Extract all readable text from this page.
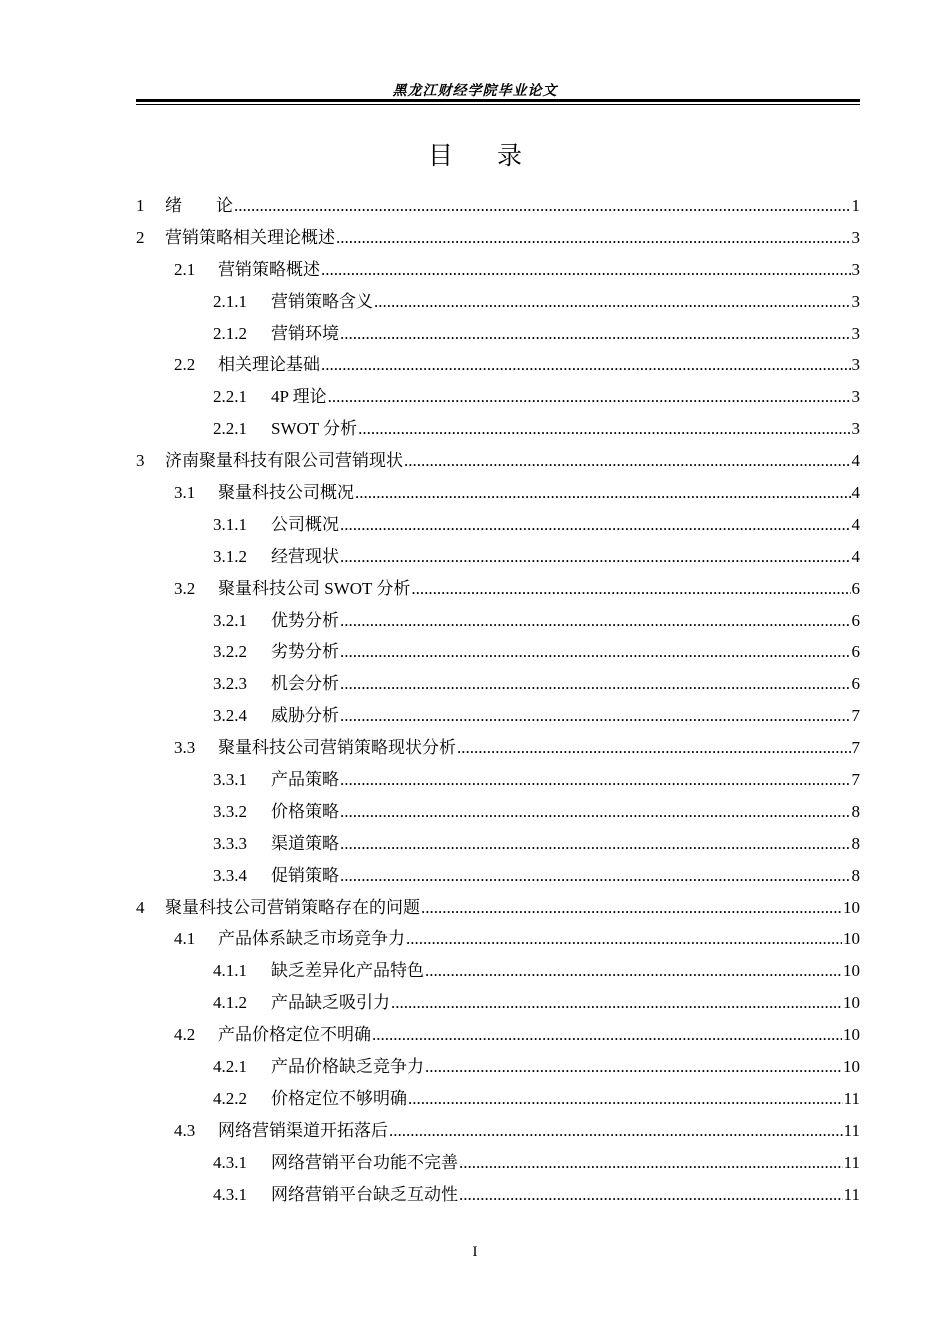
黑龙江财经学院毕业论文
目录
1	绪　　论 .....	1
2	营销策略相关理论概述 .....	3
2.1	营销策略概述 .....	3
2.1.1	营销策略含义 .....	3
2.1.2	营销环境 .....	3
2.2	相关理论基础 .....	3
2.2.1	4P 理论 .....	3
2.2.1	SWOT 分析 .....	3
3	济南聚量科技有限公司营销现状 .....	4
3.1	聚量科技公司概况 .....	4
3.1.1	公司概况 .....	4
3.1.2	经营现状 .....	4
3.2	聚量科技公司 SWOT 分析 .....	6
3.2.1	优势分析 .....	6
3.2.2	劣势分析 .....	6
3.2.3	机会分析 .....	6
3.2.4	威胁分析 .....	7
3.3	聚量科技公司营销策略现状分析 .....	7
3.3.1	产品策略 .....	7
3.3.2	价格策略 .....	8
3.3.3	渠道策略 .....	8
3.3.4	促销策略 .....	8
4	聚量科技公司营销策略存在的问题 .....	10
4.1	产品体系缺乏市场竞争力 .....	10
4.1.1	缺乏差异化产品特色 .....	10
4.1.2	产品缺乏吸引力 .....	10
4.2	产品价格定位不明确 .....	10
4.2.1	产品价格缺乏竞争力 .....	10
4.2.2	价格定位不够明确 .....	11
4.3	网络营销渠道开拓落后 .....	11
4.3.1	网络营销平台功能不完善 .....	11
4.3.1	网络营销平台缺乏互动性 .....	11
I
